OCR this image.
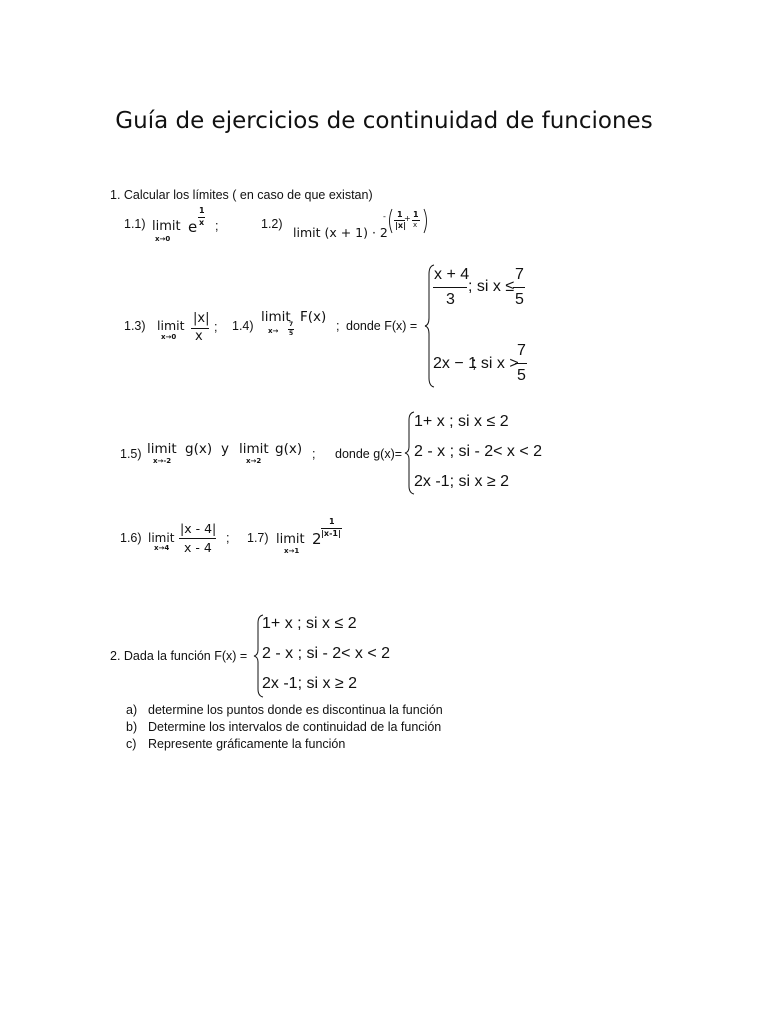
Guía de ejercicios de continuidad de funciones
1. Calcular los límites ( en caso de que existan)
1.1) limit
x→0
e
1
x ;	1.2)
limit (x + 1) · 2
- 1
|x|
+ 1
x
1.3) limit
x→0
|x|
x
; 1.4)
limit F(x)
x→
7
5
; donde F(x) =
x + 4
3
; si x ≤
7
5
2x − 1
; si x >
7
5
1.5) limit
x→-2
g(x) y limit
x→2
g(x) ; donde g(x)=
1+ x ; si x ≤ 2
2 - x ; si - 2< x < 2
2x -1; si x ≥ 2
1.6) limit
x→4
|x - 4|
x - 4
; 1.7) limit
x→1
2
1
|x-1|
2. Dada la función F(x) =
1+ x ; si x ≤ 2
2 - x ; si - 2< x < 2
2x -1; si x ≥ 2
a) determine los puntos donde es discontinua la función
b) Determine los intervalos de continuidad de la función
c) Represente gráficamente la función
